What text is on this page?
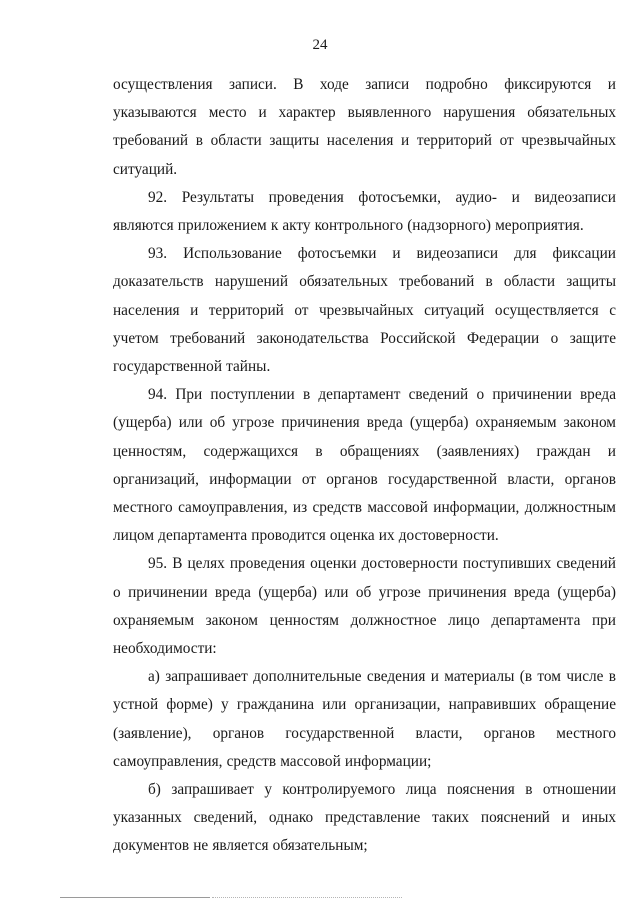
24

осуществления записи. В ходе записи подробно фиксируются и указываются место и характер выявленного нарушения обязательных требований в области защиты населения и территорий от чрезвычайных ситуаций.

92. Результаты проведения фотосъемки, аудио- и видеозаписи являются приложением к акту контрольного (надзорного) мероприятия.

93. Использование фотосъемки и видеозаписи для фиксации доказательств нарушений обязательных требований в области защиты населения и территорий от чрезвычайных ситуаций осуществляется с учетом требований законодательства Российской Федерации о защите государственной тайны.

94. При поступлении в департамент сведений о причинении вреда (ущерба) или об угрозе причинения вреда (ущерба) охраняемым законом ценностям, содержащихся в обращениях (заявлениях) граждан и организаций, информации от органов государственной власти, органов местного самоуправления, из средств массовой информации, должностным лицом департамента проводится оценка их достоверности.

95. В целях проведения оценки достоверности поступивших сведений о причинении вреда (ущерба) или об угрозе причинения вреда (ущерба) охраняемым законом ценностям должностное лицо департамента при необходимости:

а) запрашивает дополнительные сведения и материалы (в том числе в устной форме) у гражданина или организации, направивших обращение (заявление), органов государственной власти, органов местного самоуправления, средств массовой информации;

б) запрашивает у контролируемого лица пояснения в отношении указанных сведений, однако представление таких пояснений и иных документов не является обязательным;
